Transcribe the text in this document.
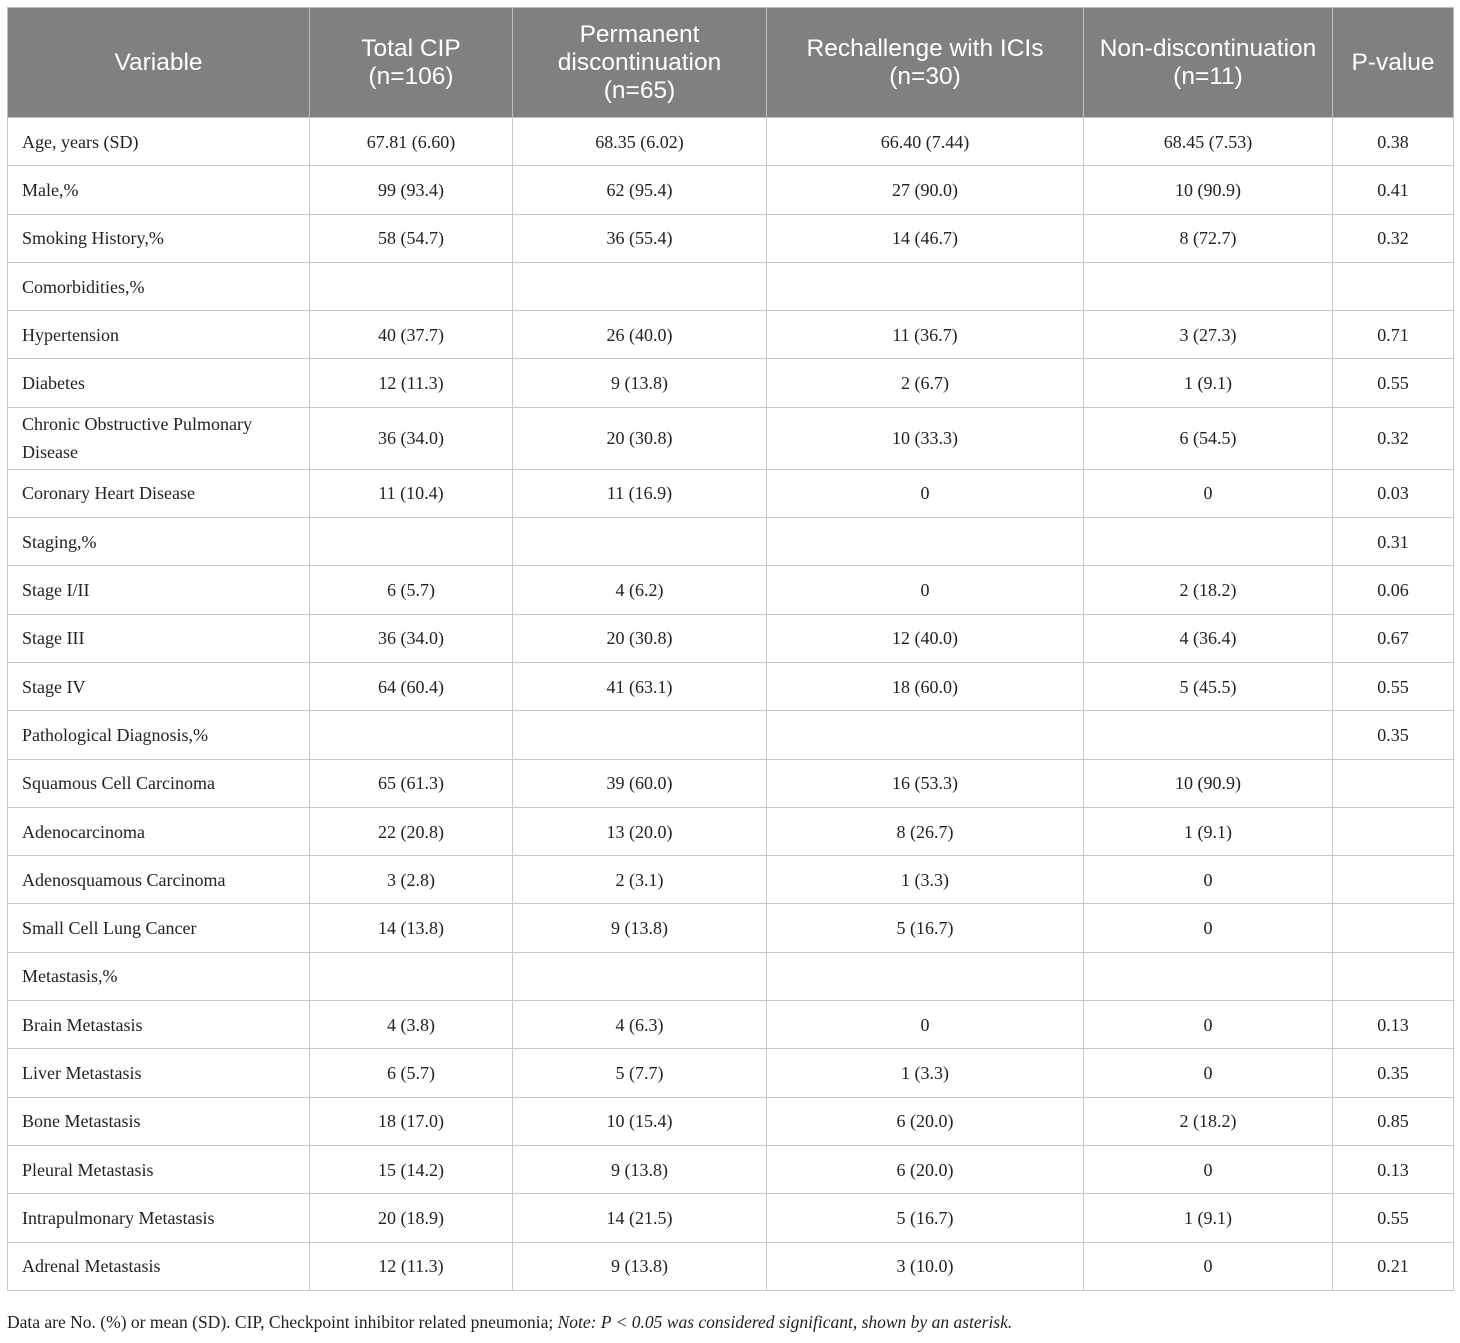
Variable	Total CIP (n=106)	Permanent discontinuation (n=65)	Rechallenge with ICIs (n=30)	Non-discontinuation (n=11)	P-value
Age, years (SD)	67.81 (6.60)	68.35 (6.02)	66.40 (7.44)	68.45 (7.53)	0.38
Male,%	99 (93.4)	62 (95.4)	27 (90.0)	10 (90.9)	0.41
Smoking History,%	58 (54.7)	36 (55.4)	14 (46.7)	8 (72.7)	0.32
Comorbidities,%					
Hypertension	40 (37.7)	26 (40.0)	11 (36.7)	3 (27.3)	0.71
Diabetes	12 (11.3)	9 (13.8)	2 (6.7)	1 (9.1)	0.55
Chronic Obstructive Pulmonary Disease	36 (34.0)	20 (30.8)	10 (33.3)	6 (54.5)	0.32
Coronary Heart Disease	11 (10.4)	11 (16.9)	0	0	0.03
Staging,%					0.31
Stage I/II	6 (5.7)	4 (6.2)	0	2 (18.2)	0.06
Stage III	36 (34.0)	20 (30.8)	12 (40.0)	4 (36.4)	0.67
Stage IV	64 (60.4)	41 (63.1)	18 (60.0)	5 (45.5)	0.55
Pathological Diagnosis,%					0.35
Squamous Cell Carcinoma	65 (61.3)	39 (60.0)	16 (53.3)	10 (90.9)	
Adenocarcinoma	22 (20.8)	13 (20.0)	8 (26.7)	1 (9.1)	
Adenosquamous Carcinoma	3 (2.8)	2 (3.1)	1 (3.3)	0	
Small Cell Lung Cancer	14 (13.8)	9 (13.8)	5 (16.7)	0	
Metastasis,%					
Brain Metastasis	4 (3.8)	4 (6.3)	0	0	0.13
Liver Metastasis	6 (5.7)	5 (7.7)	1 (3.3)	0	0.35
Bone Metastasis	18 (17.0)	10 (15.4)	6 (20.0)	2 (18.2)	0.85
Pleural Metastasis	15 (14.2)	9 (13.8)	6 (20.0)	0	0.13
Intrapulmonary Metastasis	20 (18.9)	14 (21.5)	5 (16.7)	1 (9.1)	0.55
Adrenal Metastasis	12 (11.3)	9 (13.8)	3 (10.0)	0	0.21
Data are No. (%) or mean (SD). CIP, Checkpoint inhibitor related pneumonia; Note: P < 0.05 was considered significant, shown by an asterisk.
